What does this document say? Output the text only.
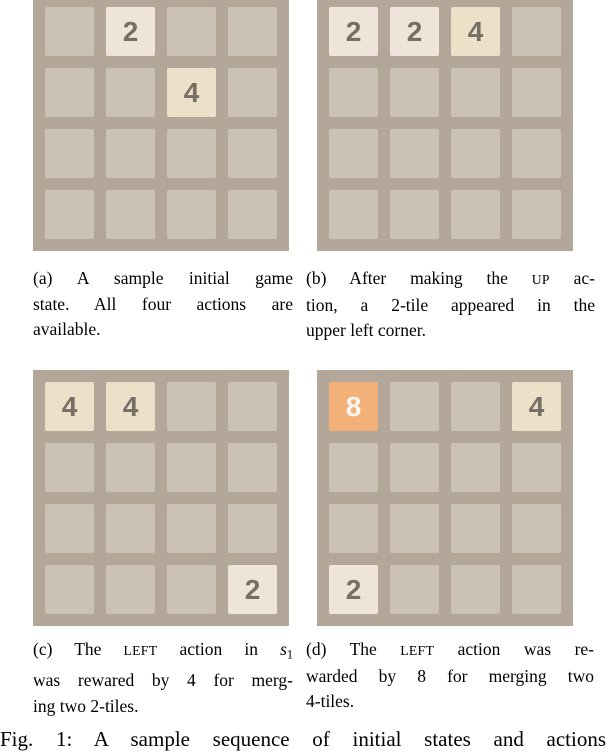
2
4
2	2	4
4	4
2
8	4
2
(a) A sample initial game
state. All four actions are
available.
(b) After making the UP ac-
tion, a 2-tile appeared in the
upper left corner.
(c) The LEFT action in $s_1$
was rewared by 4 for merg-
ing two 2-tiles.
(d) The LEFT action was re-
warded by 8 for merging two
4-tiles.
Fig. 1: A sample sequence of initial states and actions
